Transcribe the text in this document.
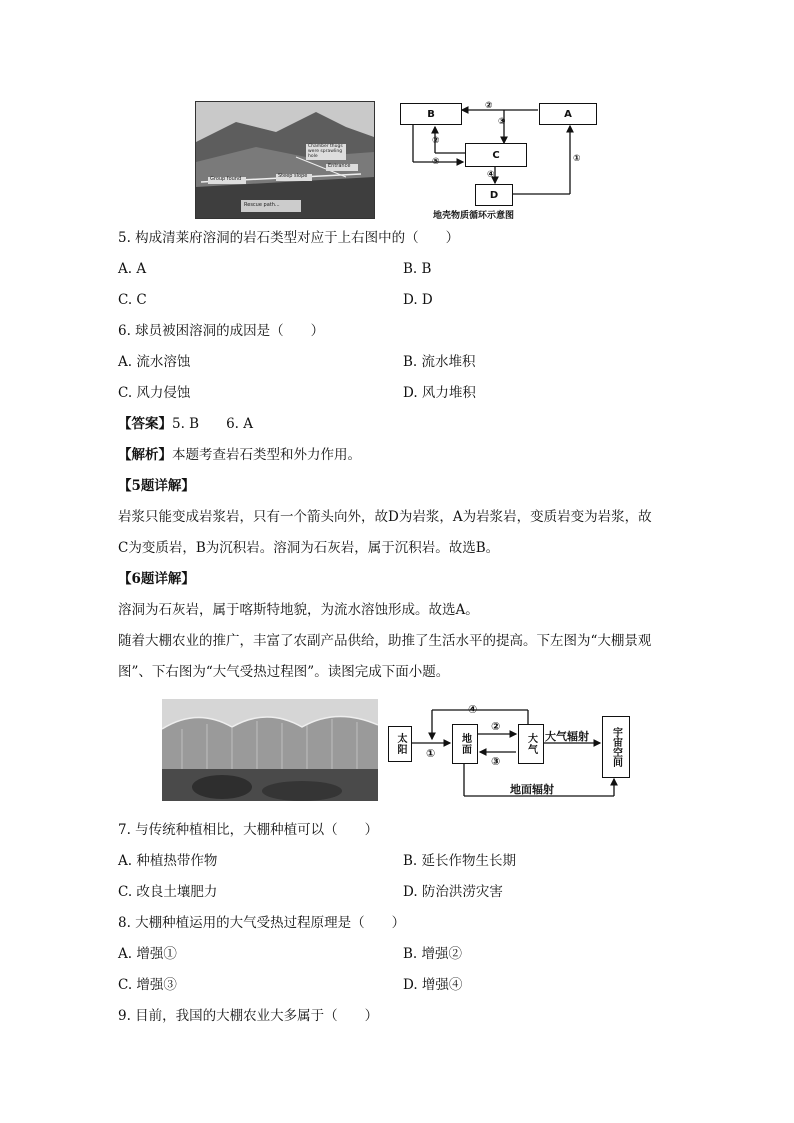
Group found	Steep slope
Entrance
Chamber thugs
were sprawling
hole
Rescue path...
B	A
C
D
②
③
②
⑤
④
①
地壳物质循环示意图
5. 构成清莱府溶洞的岩石类型对应于上右图中的（　　）
A. A	B. B
C. C	D. D
6. 球员被困溶洞的成因是（　　）
A. 流水溶蚀	B. 流水堆积
C. 风力侵蚀	D. 风力堆积
【答案】5. B　　6. A
【解析】本题考查岩石类型和外力作用。
【5题详解】
岩浆只能变成岩浆岩，只有一个箭头向外，故D为岩浆，A为岩浆岩，变质岩变为岩浆，故
C为变质岩，B为沉积岩。溶洞为石灰岩，属于沉积岩。故选B。
【6题详解】
溶洞为石灰岩，属于喀斯特地貌，为流水溶蚀形成。故选A。
随着大棚农业的推广，丰富了农副产品供给，助推了生活水平的提高。下左图为“大棚景观
图”、下右图为“大气受热过程图”。读图完成下面小题。
太阳	地面	大气	宇宙空间
①
②
③
④
大气辐射
地面辐射
7. 与传统种植相比，大棚种植可以（　　）
A. 种植热带作物	B. 延长作物生长期
C. 改良土壤肥力	D. 防治洪涝灾害
8. 大棚种植运用的大气受热过程原理是（　　）
A. 增强①	B. 增强②
C. 增强③	D. 增强④
9. 目前，我国的大棚农业大多属于（　　）
